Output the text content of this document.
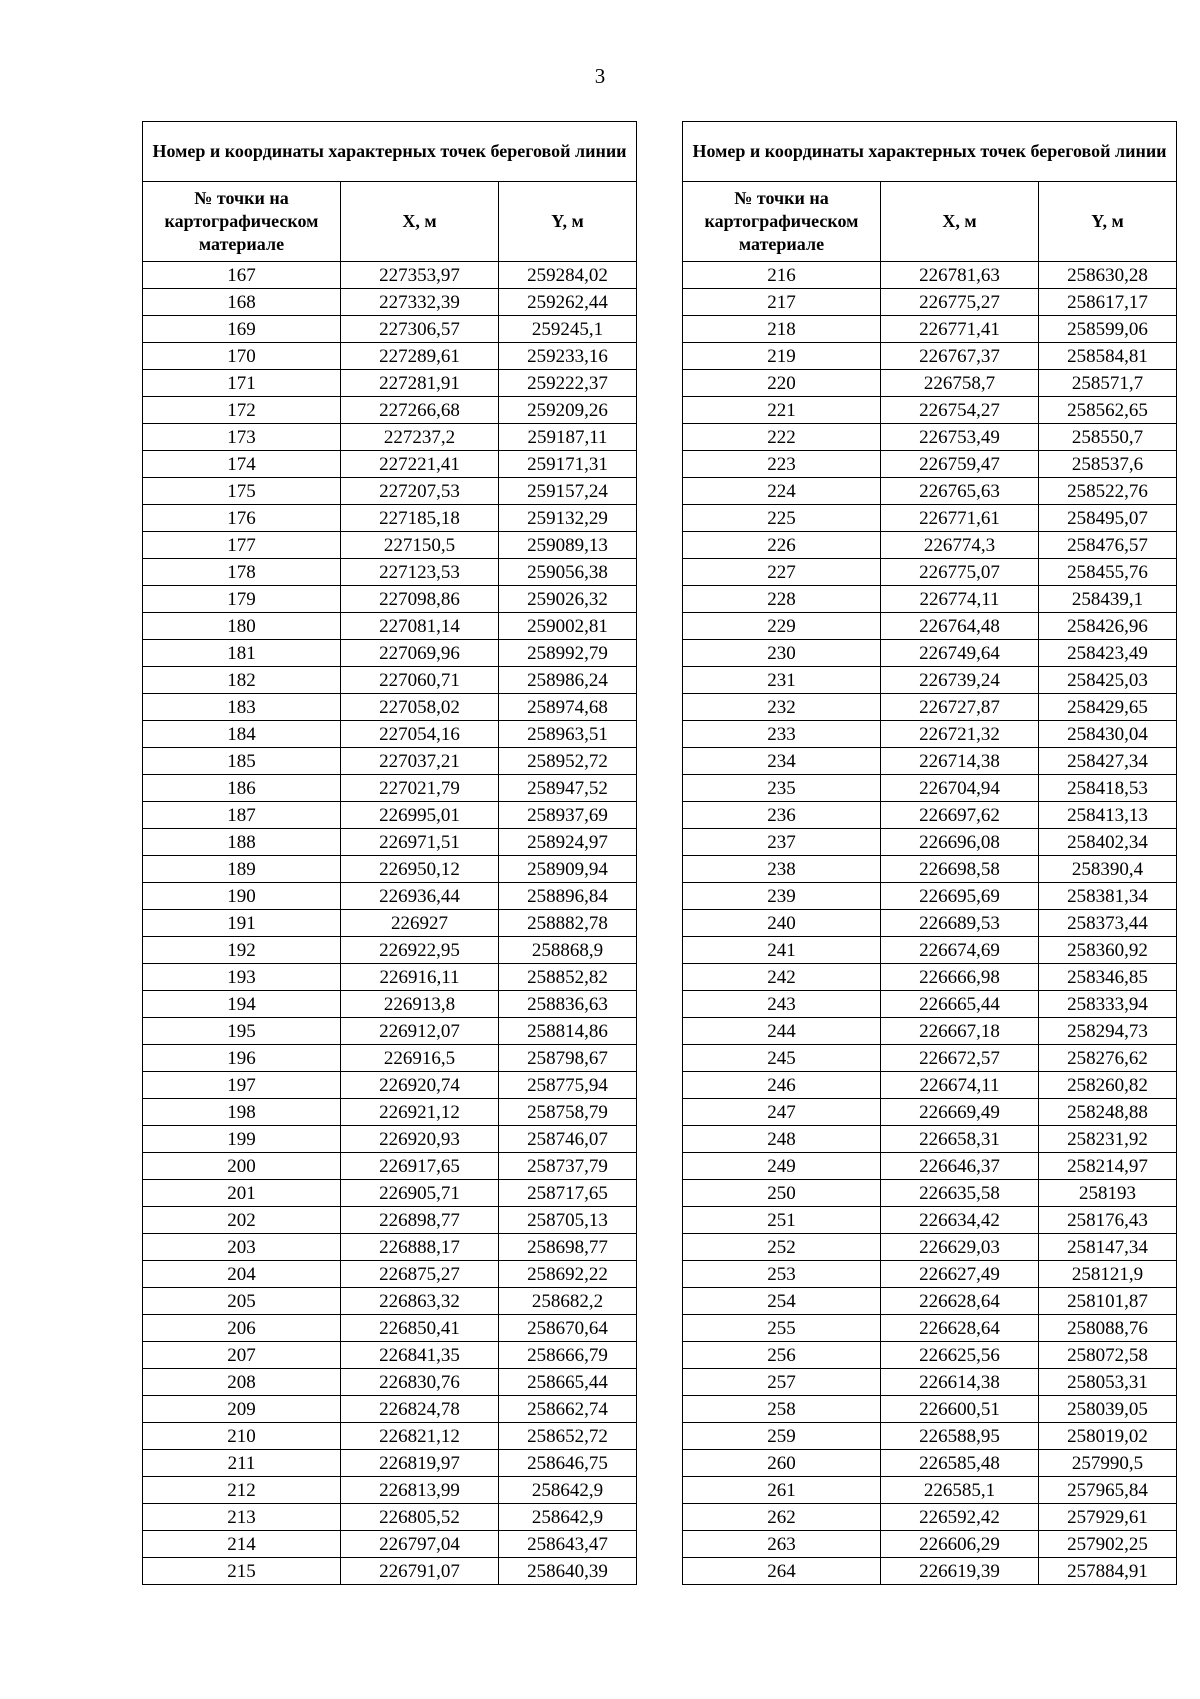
3
Номер и координаты характерных точек береговой линии		
№ точки на картографическом материале	X, м	Y, м
167	227353,97	259284,02
168	227332,39	259262,44
169	227306,57	259245,1
170	227289,61	259233,16
171	227281,91	259222,37
172	227266,68	259209,26
173	227237,2	259187,11
174	227221,41	259171,31
175	227207,53	259157,24
176	227185,18	259132,29
177	227150,5	259089,13
178	227123,53	259056,38
179	227098,86	259026,32
180	227081,14	259002,81
181	227069,96	258992,79
182	227060,71	258986,24
183	227058,02	258974,68
184	227054,16	258963,51
185	227037,21	258952,72
186	227021,79	258947,52
187	226995,01	258937,69
188	226971,51	258924,97
189	226950,12	258909,94
190	226936,44	258896,84
191	226927	258882,78
192	226922,95	258868,9
193	226916,11	258852,82
194	226913,8	258836,63
195	226912,07	258814,86
196	226916,5	258798,67
197	226920,74	258775,94
198	226921,12	258758,79
199	226920,93	258746,07
200	226917,65	258737,79
201	226905,71	258717,65
202	226898,77	258705,13
203	226888,17	258698,77
204	226875,27	258692,22
205	226863,32	258682,2
206	226850,41	258670,64
207	226841,35	258666,79
208	226830,76	258665,44
209	226824,78	258662,74
210	226821,12	258652,72
211	226819,97	258646,75
212	226813,99	258642,9
213	226805,52	258642,9
214	226797,04	258643,47
215	226791,07	258640,39
Номер и координаты характерных точек береговой линии		
№ точки на картографическом материале	X, м	Y, м
216	226781,63	258630,28
217	226775,27	258617,17
218	226771,41	258599,06
219	226767,37	258584,81
220	226758,7	258571,7
221	226754,27	258562,65
222	226753,49	258550,7
223	226759,47	258537,6
224	226765,63	258522,76
225	226771,61	258495,07
226	226774,3	258476,57
227	226775,07	258455,76
228	226774,11	258439,1
229	226764,48	258426,96
230	226749,64	258423,49
231	226739,24	258425,03
232	226727,87	258429,65
233	226721,32	258430,04
234	226714,38	258427,34
235	226704,94	258418,53
236	226697,62	258413,13
237	226696,08	258402,34
238	226698,58	258390,4
239	226695,69	258381,34
240	226689,53	258373,44
241	226674,69	258360,92
242	226666,98	258346,85
243	226665,44	258333,94
244	226667,18	258294,73
245	226672,57	258276,62
246	226674,11	258260,82
247	226669,49	258248,88
248	226658,31	258231,92
249	226646,37	258214,97
250	226635,58	258193
251	226634,42	258176,43
252	226629,03	258147,34
253	226627,49	258121,9
254	226628,64	258101,87
255	226628,64	258088,76
256	226625,56	258072,58
257	226614,38	258053,31
258	226600,51	258039,05
259	226588,95	258019,02
260	226585,48	257990,5
261	226585,1	257965,84
262	226592,42	257929,61
263	226606,29	257902,25
264	226619,39	257884,91
